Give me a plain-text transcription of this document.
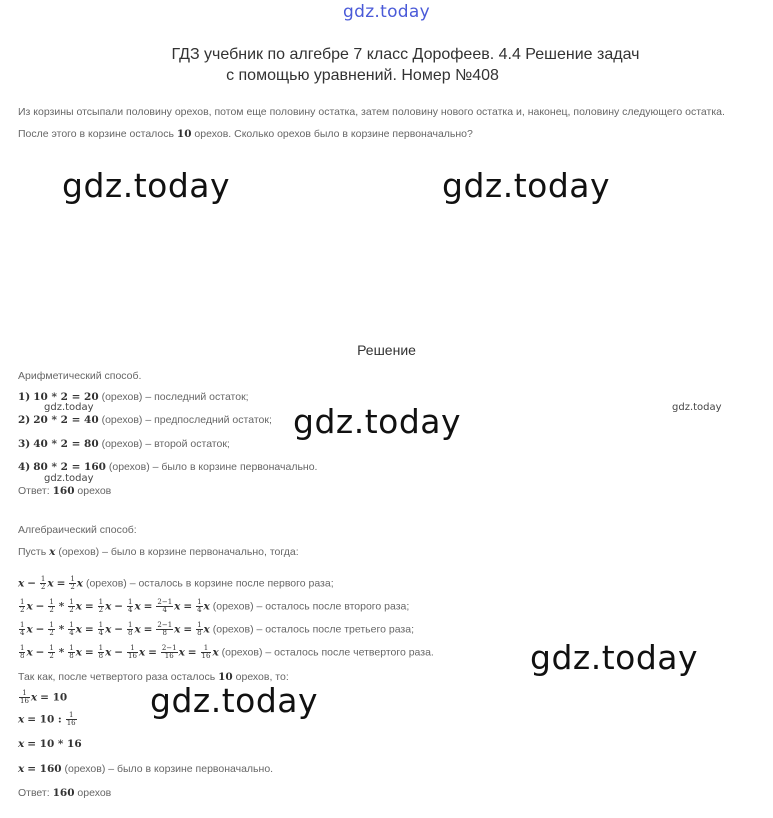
gdz.today
ГДЗ учебник по алгебре 7 класс Дорофеев. 4.4 Решение задач
с помощью уравнений. Номер №408
Из корзины отсыпали половину орехов, потом еще половину остатка, затем половину нового остатка и, наконец, половину следующего остатка.
После этого в корзине осталось 10 орехов. Сколько орехов было в корзине первоначально?
gdz.today	gdz.today
gdz.today
gdz.today
gdz.today
gdz.today
gdz.today
gdz.today
Решение
Арифметический способ.
1) 10 * 2 = 20 (орехов) – последний остаток;
2) 20 * 2 = 40 (орехов) – предпоследний остаток;
3) 40 * 2 = 80 (орехов) – второй остаток;
4) 80 * 2 = 160 (орехов) – было в корзине первоначально.
Ответ: 160 орехов
Алгебраический способ:
Пусть x (орехов) – было в корзине первоначально, тогда:
$x - \frac{1}{2}$ $x = \frac{1}{2}$ x (орехов) – осталось в корзине после первого раза;
$\frac{1}{2}$ $x - \frac{1}{2} * \frac{1}{2}$ $x = \frac{1}{2}$ $x - \frac{1}{4}$ $x = \frac{2-1}{4}$ $x = \frac{1}{4}$ x (орехов) – осталось после второго раза;
$\frac{1}{4}$ $x - \frac{1}{2} * \frac{1}{4}$ $x = \frac{1}{4}$ $x - \frac{1}{8}$ $x = \frac{2-1}{8}$ $x = \frac{1}{8}$ x (орехов) – осталось после третьего раза;
$\frac{1}{8}$ $x - \frac{1}{2} * \frac{1}{8}$ $x = \frac{1}{8}$ $x - \frac{1}{16}$ $x = \frac{2-1}{16}$ $x = \frac{1}{16}$ x (орехов) – осталось после четвертого раза.
Так как, после четвертого раза осталось 10 орехов, то:
$\frac{1}{16}$ x = 10
x = 10 : $\frac{1}{16}$
x = 10 * 16
x = 160 (орехов) – было в корзине первоначально.
Ответ: 160 орехов
